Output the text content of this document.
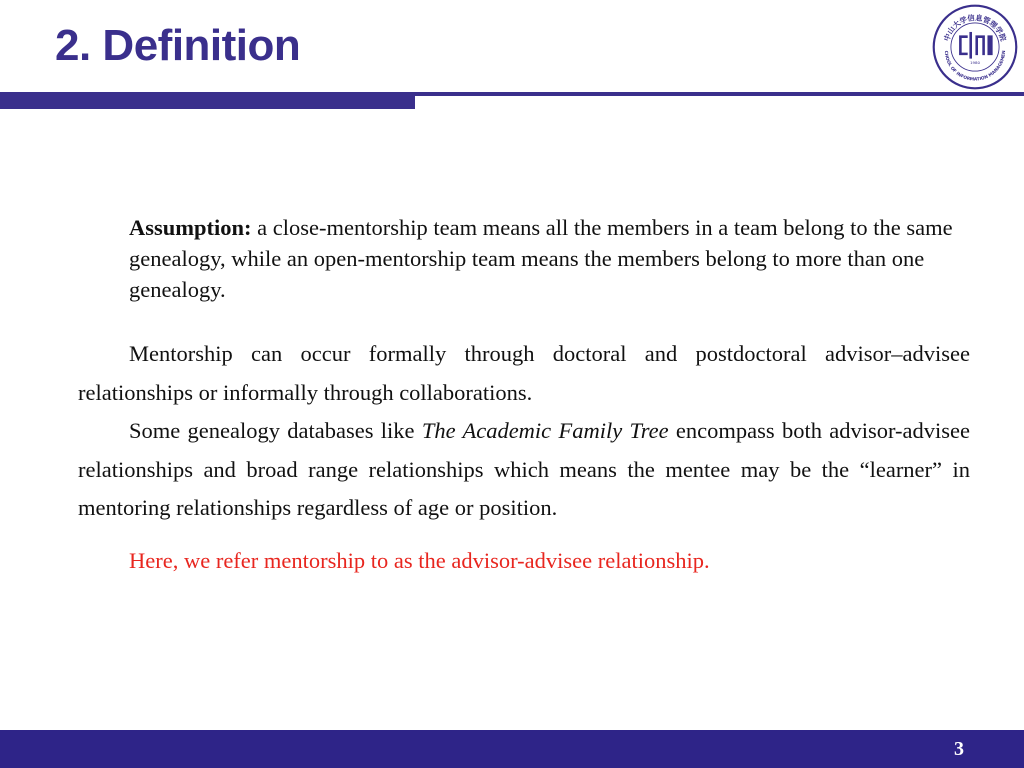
2. Definition	中山大学信息管理学院
CHOOL OF INFORMATION MANAGEMEN
1980

Assumption: a close-mentorship team means all the members in a team belong to the same genealogy, while an open-mentorship team means the members belong to more than one genealogy.

Mentorship can occur formally through doctoral and postdoctoral advisor–advisee relationships or informally through collaborations.
Some genealogy databases like The Academic Family Tree encompass both advisor-advisee relationships and broad range relationships which means the mentee may be the “learner” in mentoring relationships regardless of age or position.

Here, we refer mentorship to as the advisor-advisee relationship.

3
